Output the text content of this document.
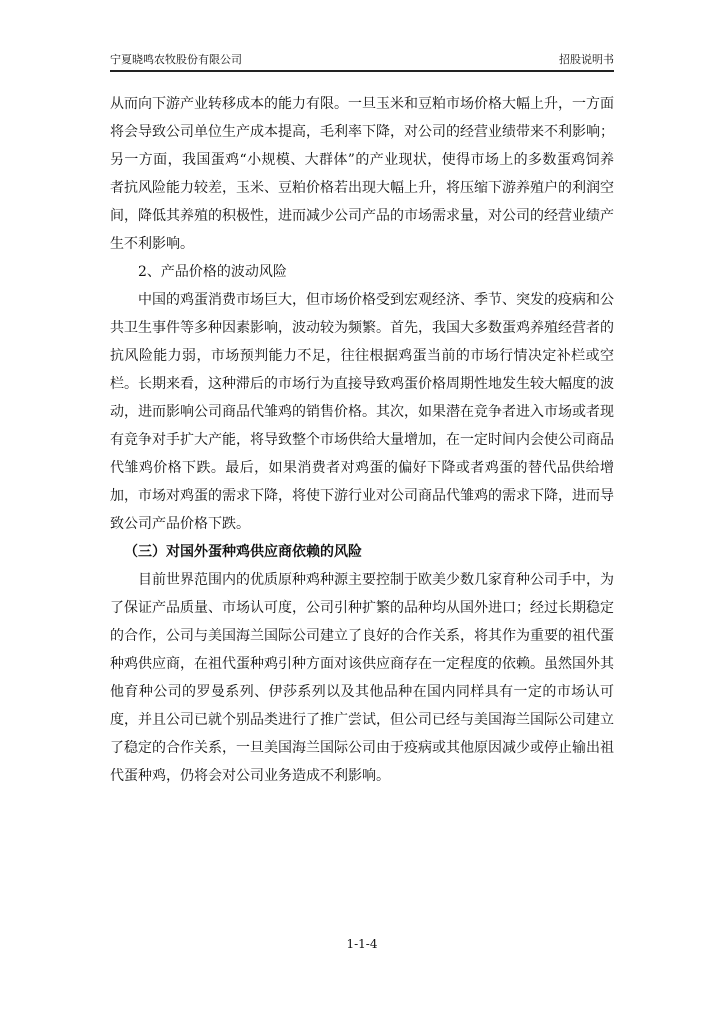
宁夏晓鸣农牧股份有限公司	招股说明书

从而向下游产业转移成本的能力有限。一旦玉米和豆粕市场价格大幅上升，一方面将会导致公司单位生产成本提高，毛利率下降，对公司的经营业绩带来不利影响；另一方面，我国蛋鸡“小规模、大群体”的产业现状，使得市场上的多数蛋鸡饲养者抗风险能力较差，玉米、豆粕价格若出现大幅上升，将压缩下游养殖户的利润空间，降低其养殖的积极性，进而减少公司产品的市场需求量，对公司的经营业绩产生不利影响。

2、产品价格的波动风险

中国的鸡蛋消费市场巨大，但市场价格受到宏观经济、季节、突发的疫病和公共卫生事件等多种因素影响，波动较为频繁。首先，我国大多数蛋鸡养殖经营者的抗风险能力弱，市场预判能力不足，往往根据鸡蛋当前的市场行情决定补栏或空栏。长期来看，这种滞后的市场行为直接导致鸡蛋价格周期性地发生较大幅度的波动，进而影响公司商品代雏鸡的销售价格。其次，如果潜在竞争者进入市场或者现有竞争对手扩大产能，将导致整个市场供给大量增加，在一定时间内会使公司商品代雏鸡价格下跌。最后，如果消费者对鸡蛋的偏好下降或者鸡蛋的替代品供给增加，市场对鸡蛋的需求下降，将使下游行业对公司商品代雏鸡的需求下降，进而导致公司产品价格下跌。

（三）对国外蛋种鸡供应商依赖的风险

目前世界范围内的优质原种鸡种源主要控制于欧美少数几家育种公司手中，为了保证产品质量、市场认可度，公司引种扩繁的品种均从国外进口；经过长期稳定的合作，公司与美国海兰国际公司建立了良好的合作关系，将其作为重要的祖代蛋种鸡供应商，在祖代蛋种鸡引种方面对该供应商存在一定程度的依赖。虽然国外其他育种公司的罗曼系列、伊莎系列以及其他品种在国内同样具有一定的市场认可度，并且公司已就个别品类进行了推广尝试，但公司已经与美国海兰国际公司建立了稳定的合作关系，一旦美国海兰国际公司由于疫病或其他原因减少或停止输出祖代蛋种鸡，仍将会对公司业务造成不利影响。

1-1-4
